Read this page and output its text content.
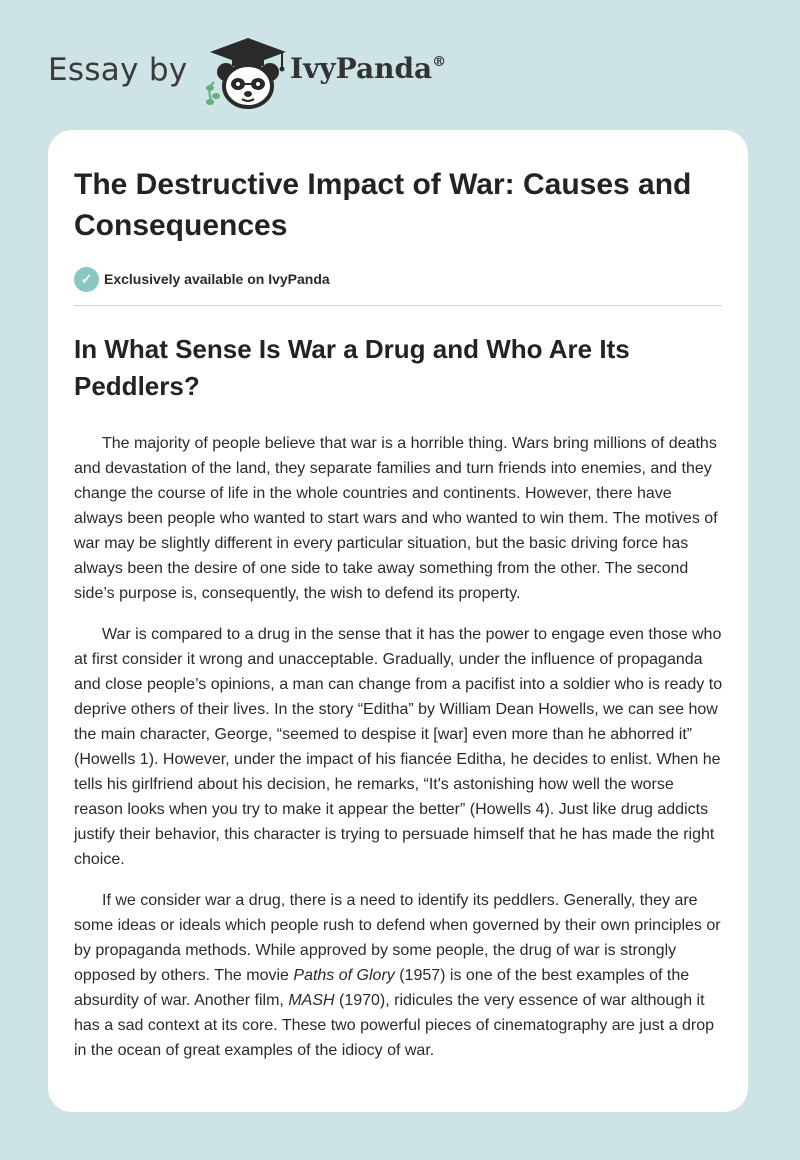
Essay by	IvyPanda®
The Destructive Impact of War: Causes and Consequences
✓ Exclusively available on IvyPanda
In What Sense Is War a Drug and Who Are Its Peddlers?

The majority of people believe that war is a horrible thing. Wars bring millions of deaths and devastation of the land, they separate families and turn friends into enemies, and they change the course of life in the whole countries and continents. However, there have always been people who wanted to start wars and who wanted to win them. The motives of war may be slightly different in every particular situation, but the basic driving force has always been the desire of one side to take away something from the other. The second side’s purpose is, consequently, the wish to defend its property.

War is compared to a drug in the sense that it has the power to engage even those who at first consider it wrong and unacceptable. Gradually, under the influence of propaganda and close people’s opinions, a man can change from a pacifist into a soldier who is ready to deprive others of their lives. In the story “Editha” by William Dean Howells, we can see how the main character, George, “seemed to despise it [war] even more than he abhorred it” (Howells 1). However, under the impact of his fiancée Editha, he decides to enlist. When he tells his girlfriend about his decision, he remarks, “It's astonishing how well the worse reason looks when you try to make it appear the better” (Howells 4). Just like drug addicts justify their behavior, this character is trying to persuade himself that he has made the right choice.

If we consider war a drug, there is a need to identify its peddlers. Generally, they are some ideas or ideals which people rush to defend when governed by their own principles or by propaganda methods. While approved by some people, the drug of war is strongly opposed by others. The movie Paths of Glory (1957) is one of the best examples of the absurdity of war. Another film, MASH (1970), ridicules the very essence of war although it has a sad context at its core. These two powerful pieces of cinematography are just a drop in the ocean of great examples of the idiocy of war.
